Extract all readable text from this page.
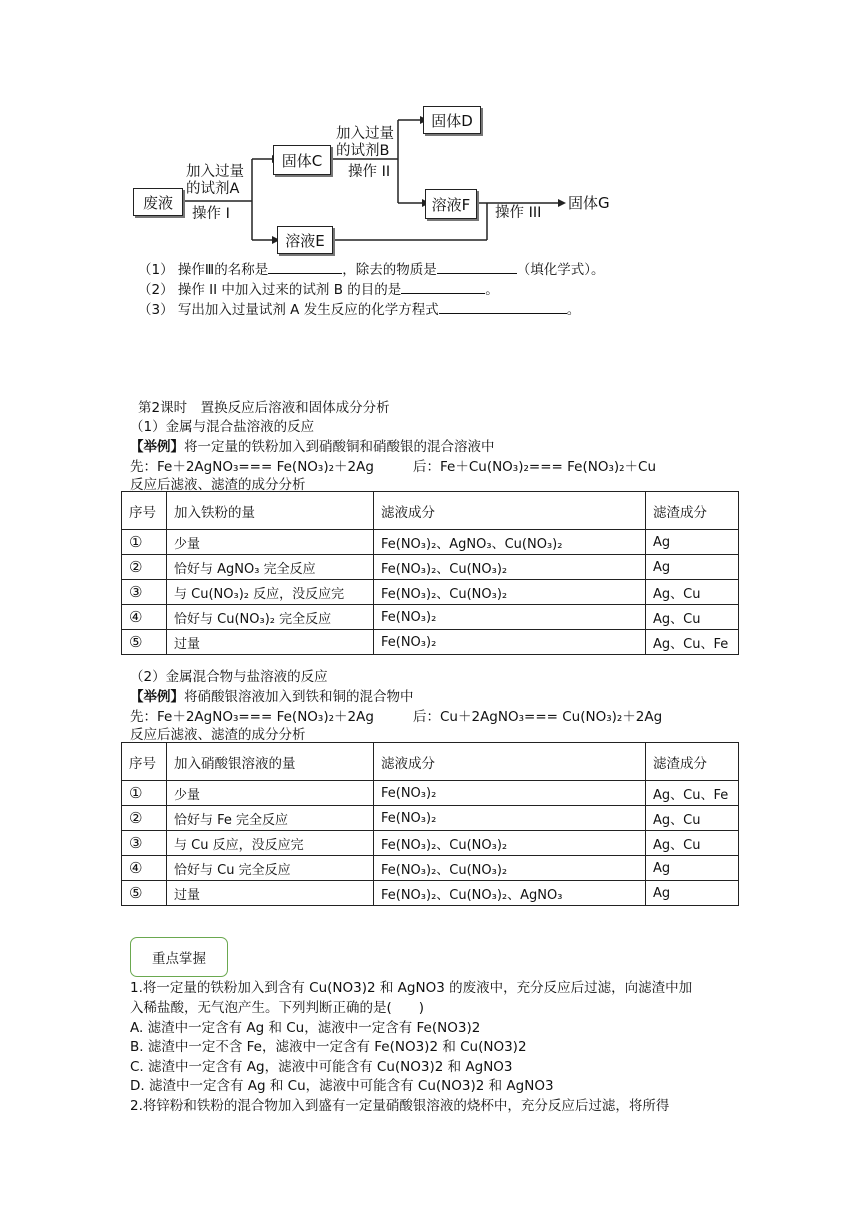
废液
固体C
固体D
溶液E
溶液F	固体G
加入过量
的试剂A
操作 I
加入过量
的试剂B
操作 II
操作 III
（1） 操作Ⅲ的名称是	，除去的物质是	（填化学式）。
（2） 操作 II 中加入过来的试剂 B 的目的是	。
（3） 写出加入过量试剂 A 发生反应的化学方程式	。
第2课时　置换反应后溶液和固体成分分析
（1）金属与混合盐溶液的反应
【举例】将一定量的铁粉加入到硝酸铜和硝酸银的混合溶液中
先：Fe＋2AgNO₃=== Fe(NO₃)₂＋2Ag	后：Fe＋Cu(NO₃)₂=== Fe(NO₃)₂＋Cu
反应后滤液、滤渣的成分分析
序号	加入铁粉的量	滤液成分	滤渣成分
①	少量	Fe(NO₃)₂、AgNO₃、Cu(NO₃)₂	Ag
②	恰好与 AgNO₃ 完全反应	Fe(NO₃)₂、Cu(NO₃)₂	Ag
③	与 Cu(NO₃)₂ 反应，没反应完	Fe(NO₃)₂、Cu(NO₃)₂	Ag、Cu
④	恰好与 Cu(NO₃)₂ 完全反应	Fe(NO₃)₂	Ag、Cu
⑤	过量	Fe(NO₃)₂	Ag、Cu、Fe
（2）金属混合物与盐溶液的反应
【举例】将硝酸银溶液加入到铁和铜的混合物中
先：Fe＋2AgNO₃=== Fe(NO₃)₂＋2Ag	后：Cu＋2AgNO₃=== Cu(NO₃)₂＋2Ag
反应后滤液、滤渣的成分分析
序号	加入硝酸银溶液的量	滤液成分	滤渣成分
①	少量	Fe(NO₃)₂	Ag、Cu、Fe
②	恰好与 Fe 完全反应	Fe(NO₃)₂	Ag、Cu
③	与 Cu 反应，没反应完	Fe(NO₃)₂、Cu(NO₃)₂	Ag、Cu
④	恰好与 Cu 完全反应	Fe(NO₃)₂、Cu(NO₃)₂	Ag
⑤	过量	Fe(NO₃)₂、Cu(NO₃)₂、AgNO₃	Ag
重点掌握
1.将一定量的铁粉加入到含有 Cu(NO3)2 和 AgNO3 的废液中，充分反应后过滤，向滤渣中加
入稀盐酸，无气泡产生。下列判断正确的是(　　)
A. 滤渣中一定含有 Ag 和 Cu，滤液中一定含有 Fe(NO3)2
B. 滤渣中一定不含 Fe，滤液中一定含有 Fe(NO3)2 和 Cu(NO3)2
C. 滤渣中一定含有 Ag，滤液中可能含有 Cu(NO3)2 和 AgNO3
D. 滤渣中一定含有 Ag 和 Cu，滤液中可能含有 Cu(NO3)2 和 AgNO3
2.将锌粉和铁粉的混合物加入到盛有一定量硝酸银溶液的烧杯中，充分反应后过滤，将所得
